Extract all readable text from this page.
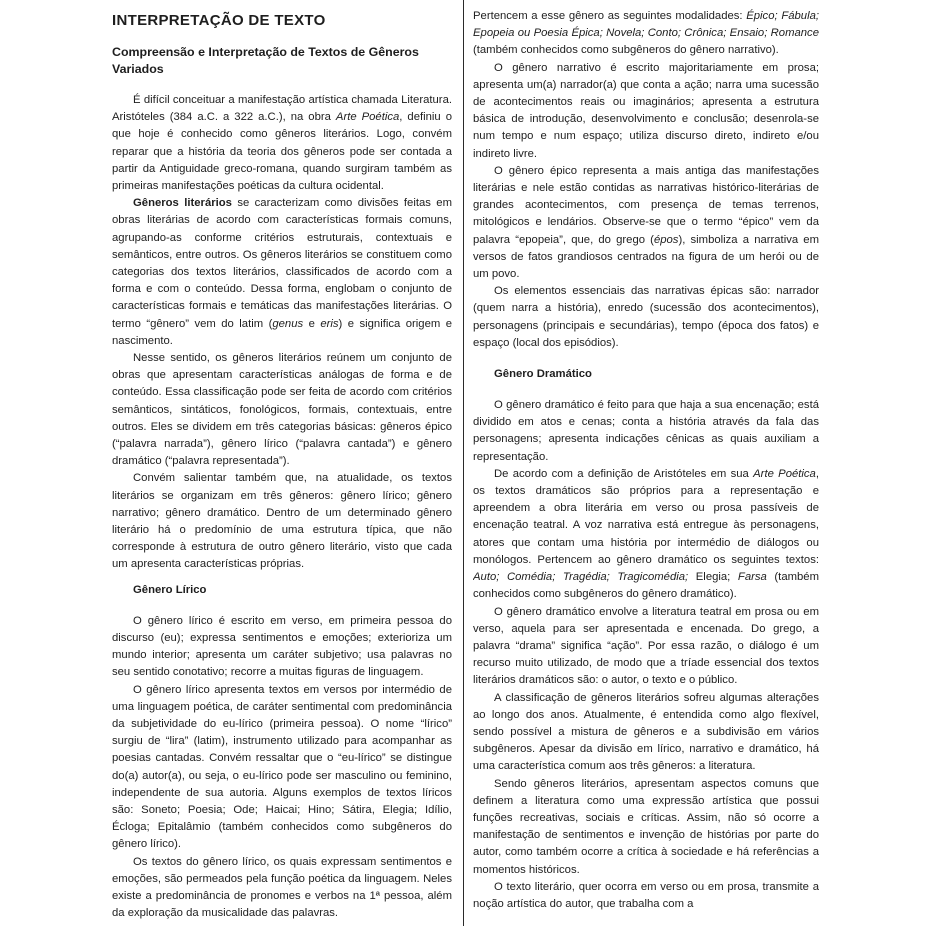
INTERPRETAÇÃO DE TEXTO
Compreensão e Interpretação de Textos de Gêneros Variados

É difícil conceituar a manifestação artística chamada Literatura. Aristóteles (384 a.C. a 322 a.C.), na obra Arte Poética, definiu o que hoje é conhecido como gêneros literários. Logo, convém reparar que a história da teoria dos gêneros pode ser contada a partir da Antiguidade greco-romana, quando surgiram também as primeiras manifestações poéticas da cultura ocidental.

Gêneros literários se caracterizam como divisões feitas em obras literárias de acordo com características formais comuns, agrupando-as conforme critérios estruturais, contextuais e semânticos, entre outros. Os gêneros literários se constituem como categorias dos textos literários, classificados de acordo com a forma e com o conteúdo. Dessa forma, englobam o conjunto de características formais e temáticas das manifestações literárias. O termo “gênero” vem do latim (genus e eris) e significa origem e nascimento.

Nesse sentido, os gêneros literários reúnem um conjunto de obras que apresentam características análogas de forma e de conteúdo. Essa classificação pode ser feita de acordo com critérios semânticos, sintáticos, fonológicos, formais, contextuais, entre outros. Eles se dividem em três categorias básicas: gêneros épico (“palavra narrada”), gênero lírico (“palavra cantada”) e gênero dramático (“palavra representada”).

Convém salientar também que, na atualidade, os textos literários se organizam em três gêneros: gênero lírico; gênero narrativo; gênero dramático. Dentro de um determinado gênero literário há o predomínio de uma estrutura típica, que não corresponde à estrutura de outro gênero literário, visto que cada um apresenta características próprias.

Gênero Lírico

O gênero lírico é escrito em verso, em primeira pessoa do discurso (eu); expressa sentimentos e emoções; exterioriza um mundo interior; apresenta um caráter subjetivo; usa palavras no seu sentido conotativo; recorre a muitas figuras de linguagem.

O gênero lírico apresenta textos em versos por intermédio de uma linguagem poética, de caráter sentimental com predominância da subjetividade do eu-lírico (primeira pessoa). O nome “lírico” surgiu de “lira” (latim), instrumento utilizado para acompanhar as poesias cantadas. Convém ressaltar que o “eu-lírico” se distingue do(a) autor(a), ou seja, o eu-lírico pode ser masculino ou feminino, independente de sua autoria. Alguns exemplos de textos líricos são: Soneto; Poesia; Ode; Haicai; Hino; Sátira, Elegia; Idílio, Écloga; Epitalâmio (também conhecidos como subgêneros do gênero lírico).

Os textos do gênero lírico, os quais expressam sentimentos e emoções, são permeados pela função poética da linguagem. Neles existe a predominância de pronomes e verbos na 1ª pessoa, além da exploração da musicalidade das palavras.

Pertencem a esse gênero as seguintes modalidades: Épico; Fábula; Epopeia ou Poesia Épica; Novela; Conto; Crônica; Ensaio; Romance (também conhecidos como subgêneros do gênero narrativo).

O gênero narrativo é escrito majoritariamente em prosa; apresenta um(a) narrador(a) que conta a ação; narra uma sucessão de acontecimentos reais ou imaginários; apresenta a estrutura básica de introdução, desenvolvimento e conclusão; desenrola-se num tempo e num espaço; utiliza discurso direto, indireto e/ou indireto livre.

O gênero épico representa a mais antiga das manifestações literárias e nele estão contidas as narrativas histórico-literárias de grandes acontecimentos, com presença de temas terrenos, mitológicos e lendários. Observe-se que o termo “épico” vem da palavra “epopeia”, que, do grego (épos), simboliza a narrativa em versos de fatos grandiosos centrados na figura de um herói ou de um povo.

Os elementos essenciais das narrativas épicas são: narrador (quem narra a história), enredo (sucessão dos acontecimentos), personagens (principais e secundárias), tempo (época dos fatos) e espaço (local dos episódios).

Gênero Dramático

O gênero dramático é feito para que haja a sua encenação; está dividido em atos e cenas; conta a história através da fala das personagens; apresenta indicações cênicas as quais auxiliam a representação.

De acordo com a definição de Aristóteles em sua Arte Poética, os textos dramáticos são próprios para a representação e apreendem a obra literária em verso ou prosa passíveis de encenação teatral. A voz narrativa está entregue às personagens, atores que contam uma história por intermédio de diálogos ou monólogos. Pertencem ao gênero dramático os seguintes textos: Auto; Comédia; Tragédia; Tragicomédia; Elegia; Farsa (também conhecidos como subgêneros do gênero dramático).

O gênero dramático envolve a literatura teatral em prosa ou em verso, aquela para ser apresentada e encenada. Do grego, a palavra “drama” significa “ação”. Por essa razão, o diálogo é um recurso muito utilizado, de modo que a tríade essencial dos textos literários dramáticos são: o autor, o texto e o público.

A classificação de gêneros literários sofreu algumas alterações ao longo dos anos. Atualmente, é entendida como algo flexível, sendo possível a mistura de gêneros e a subdivisão em vários subgêneros. Apesar da divisão em lírico, narrativo e dramático, há uma característica comum aos três gêneros: a literatura.

Sendo gêneros literários, apresentam aspectos comuns que definem a literatura como uma expressão artística que possui funções recreativas, sociais e críticas. Assim, não só ocorre a manifestação de sentimentos e invenção de histórias por parte do autor, como também ocorre a crítica à sociedade e há referências a momentos históricos.

O texto literário, quer ocorra em verso ou em prosa, transmite a noção artística do autor, que trabalha com a
